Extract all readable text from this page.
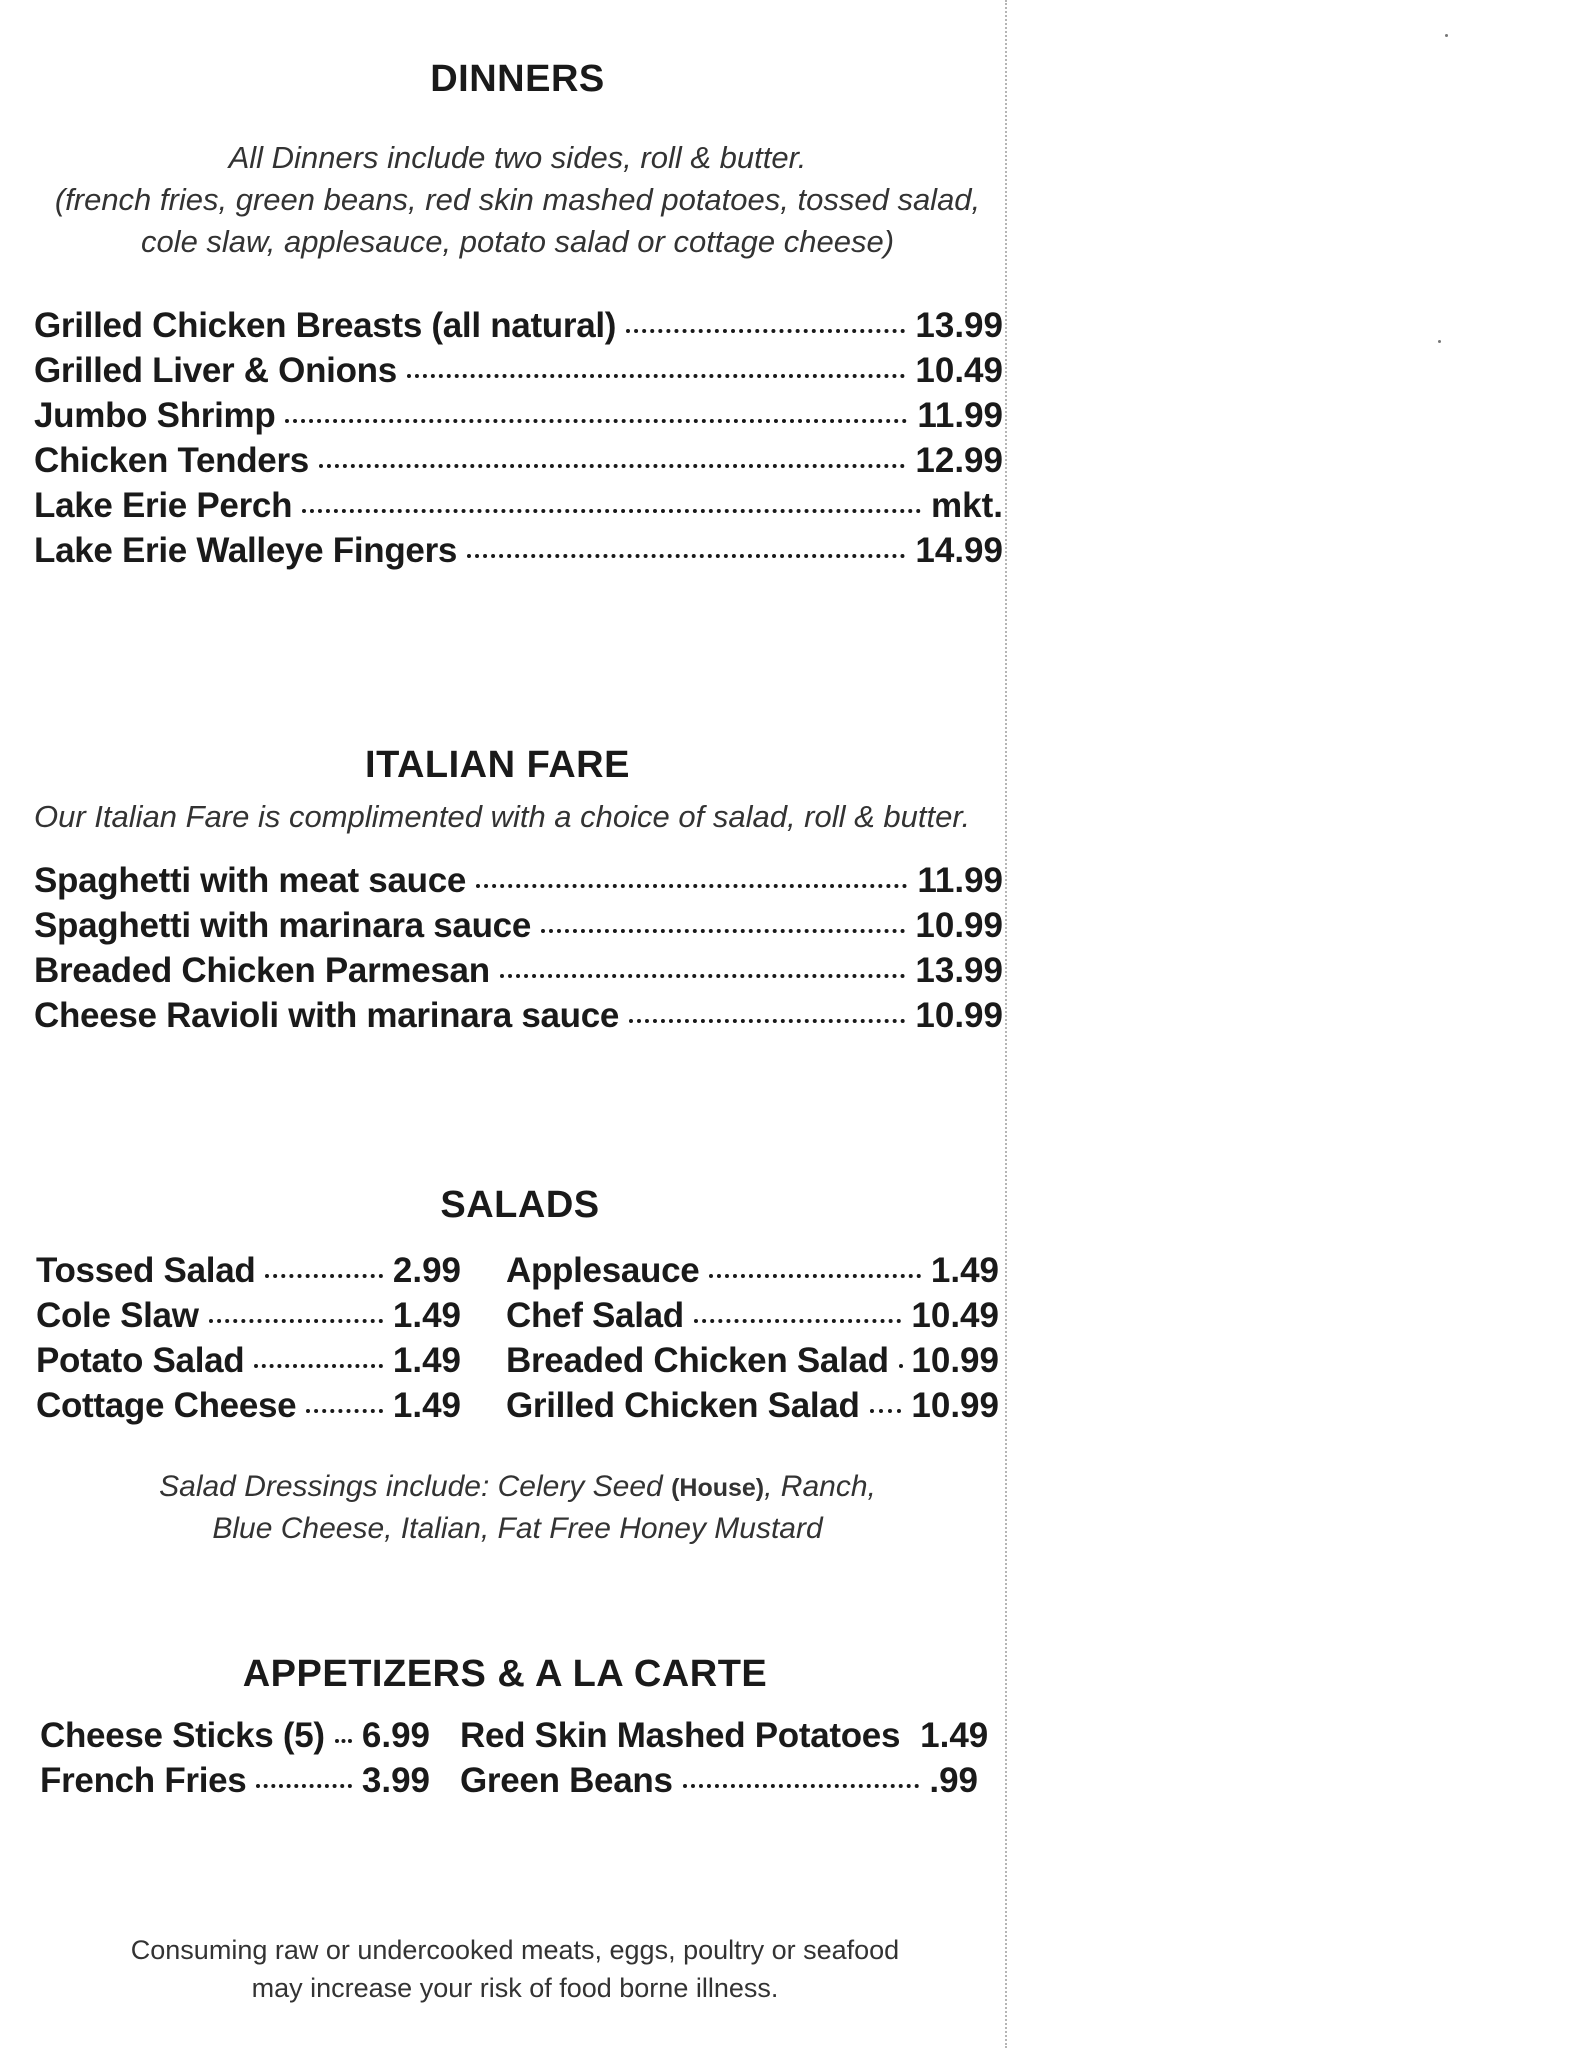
DINNERS
All Dinners include two sides, roll & butter.
(french fries, green beans, red skin mashed potatoes, tossed salad,
cole slaw, applesauce, potato salad or cottage cheese)
Grilled Chicken Breasts (all natural)	13.99
Grilled Liver & Onions	10.49
Jumbo Shrimp	11.99
Chicken Tenders	12.99
Lake Erie Perch	mkt.
Lake Erie Walleye Fingers	14.99
ITALIAN FARE
Our Italian Fare is complimented with a choice of salad, roll & butter.
Spaghetti with meat sauce	11.99
Spaghetti with marinara sauce	10.99
Breaded Chicken Parmesan	13.99
Cheese Ravioli with marinara sauce	10.99
SALADS
Tossed Salad	2.99
Cole Slaw	1.49
Potato Salad	1.49
Cottage Cheese	1.49
Applesauce	1.49
Chef Salad	10.49
Breaded Chicken Salad 10.99
Grilled Chicken Salad 10.99
Salad Dressings include: Celery Seed (House), Ranch,
Blue Cheese, Italian, Fat Free Honey Mustard
APPETIZERS & A LA CARTE
Cheese Sticks (5) 6.99
French Fries	3.99
Red Skin Mashed Potatoes 1.49
Green Beans	.99
Consuming raw or undercooked meats, eggs, poultry or seafood
may increase your risk of food borne illness.
